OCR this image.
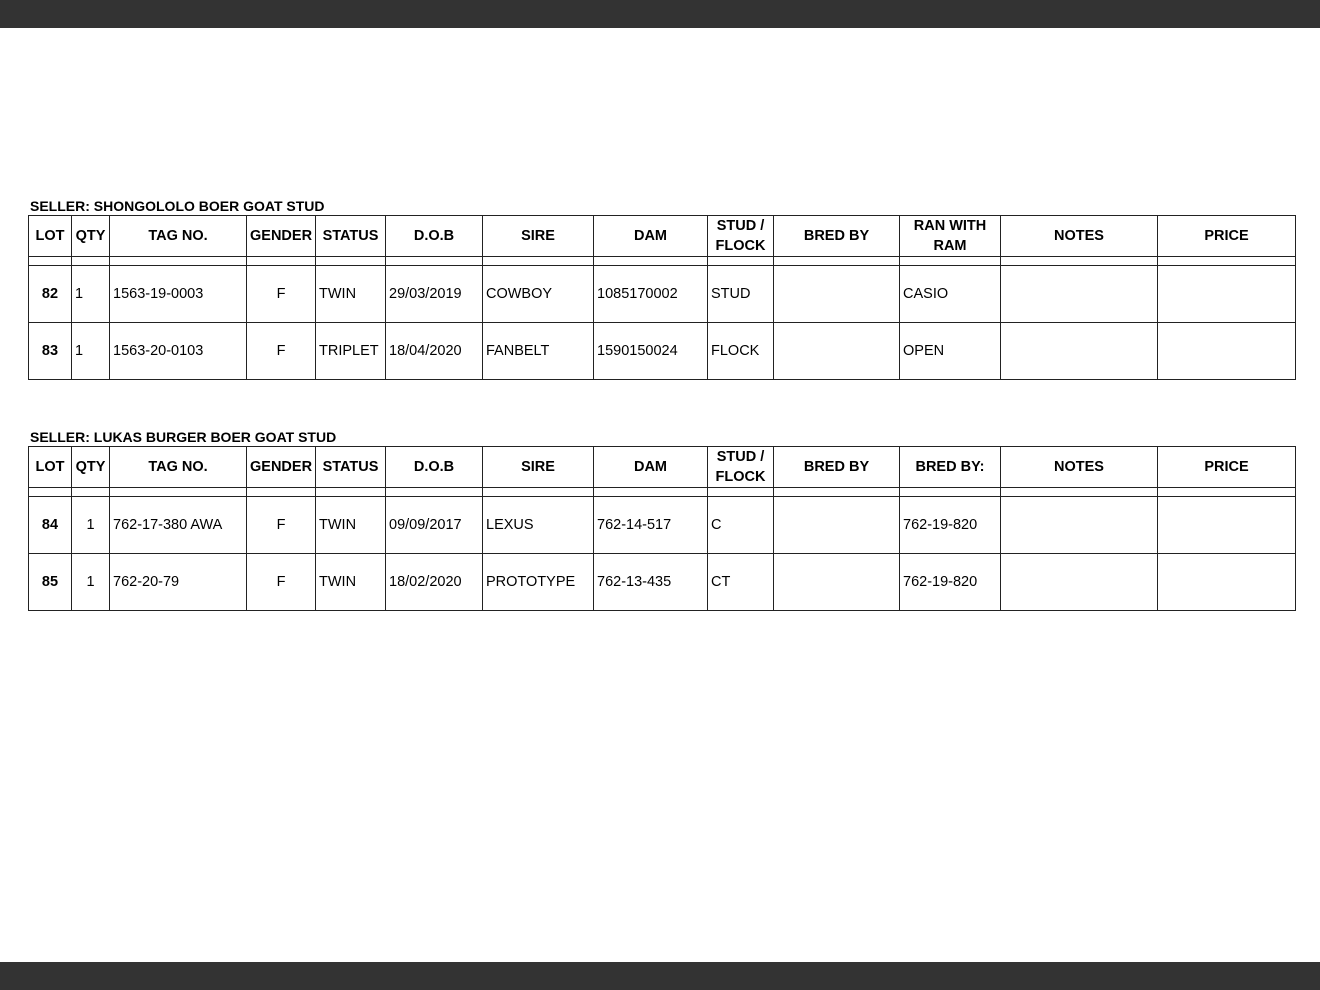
SELLER: SHONGOLOLO BOER GOAT STUD
LOT	QTY	TAG NO.	GENDER	STATUS	D.O.B	SIRE	DAM	STUD / FLOCK	BRED BY	RAN WITH RAM	NOTES	PRICE

82	1	1563-19-0003	F	TWIN	29/03/2019	COWBOY	1085170002	STUD		CASIO		
83	1	1563-20-0103	F	TRIPLET	18/04/2020	FANBELT	1590150024	FLOCK		OPEN		
SELLER: LUKAS BURGER BOER GOAT STUD
LOT	QTY	TAG NO.	GENDER	STATUS	D.O.B	SIRE	DAM	STUD / FLOCK	BRED BY	BRED BY:	NOTES	PRICE

84	1	762-17-380 AWA	F	TWIN	09/09/2017	LEXUS	762-14-517	C		762-19-820		
85	1	762-20-79	F	TWIN	18/02/2020	PROTOTYPE	762-13-435	CT		762-19-820		
